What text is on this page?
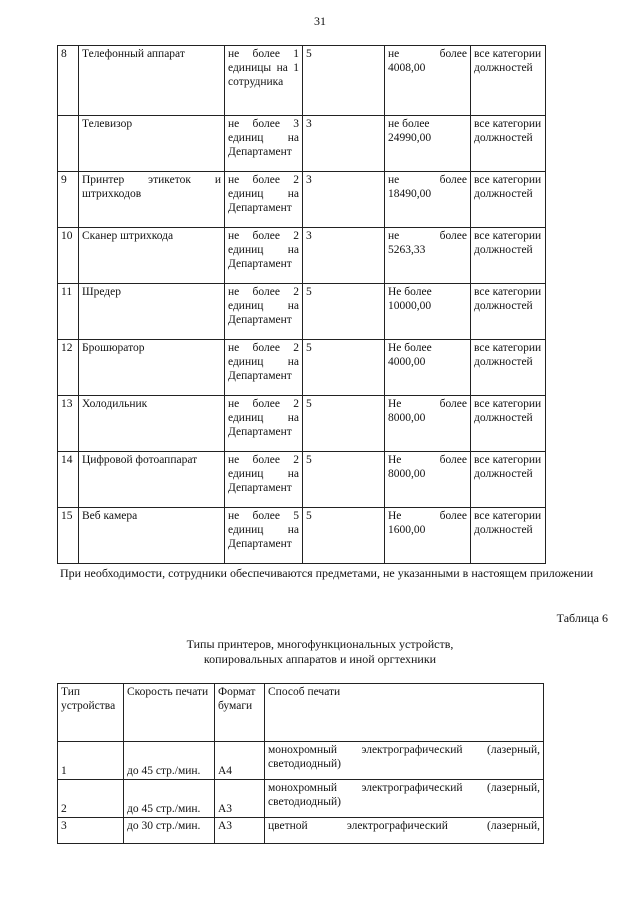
31
8	Телефонный аппарат	не более 1 единицы на 1 сотрудника	5	не более 4008,00	все категории должностей
	Телевизор	не более 3 единиц на Департамент	3	не более 24990,00	все категории должностей
9	Принтер этикеток и штрихкодов	не более 2 единиц на Департамент	3	не более 18490,00	все категории должностей
10	Сканер штрихкода	не более 2 единиц на Департамент	3	не более 5263,33	все категории должностей
11	Шредер	не более 2 единиц на Департамент	5	Не более 10000,00	все категории должностей
12	Брошюратор	не более 2 единиц на Департамент	5	Не более 4000,00	все категории должностей
13	Холодильник	не более 2 единиц на Департамент	5	Не более 8000,00	все категории должностей
14	Цифровой фотоаппарат	не более 2 единиц на Департамент	5	Не более 8000,00	все категории должностей
15	Веб камера	не более 5 единиц на Департамент	5	Не более 1600,00	все категории должностей
При необходимости, сотрудники обеспечиваются предметами, не указанными в настоящем приложении
Таблица 6
Типы принтеров, многофункциональных устройств,
копировальных аппаратов и иной оргтехники
Тип устройства	Скорость печати	Формат бумаги	Способ печати
1	до 45 стр./мин.	А4	монохромный электрографический (лазерный, светодиодный)
2	до 45 стр./мин.	А3	монохромный электрографический (лазерный, светодиодный)
3	до 30 стр./мин.	А3	цветной электрографический (лазерный,
